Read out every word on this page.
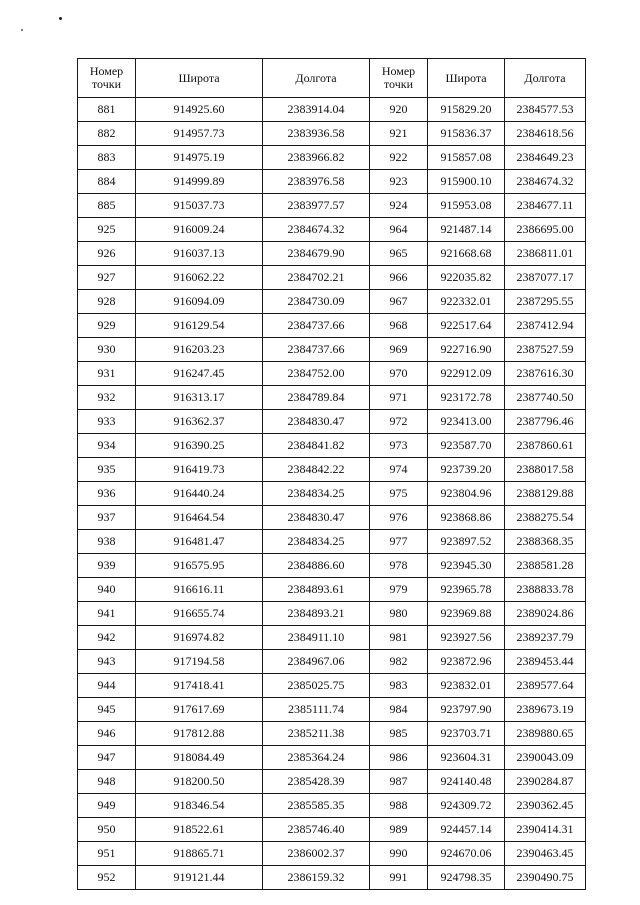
Номер
точки	Широта	Долгота	Номер
точки	Широта	Долгота
881	914925.60	2383914.04	920	915829.20	2384577.53
882	914957.73	2383936.58	921	915836.37	2384618.56
883	914975.19	2383966.82	922	915857.08	2384649.23
884	914999.89	2383976.58	923	915900.10	2384674.32
885	915037.73	2383977.57	924	915953.08	2384677.11
925	916009.24	2384674.32	964	921487.14	2386695.00
926	916037.13	2384679.90	965	921668.68	2386811.01
927	916062.22	2384702.21	966	922035.82	2387077.17
928	916094.09	2384730.09	967	922332.01	2387295.55
929	916129.54	2384737.66	968	922517.64	2387412.94
930	916203.23	2384737.66	969	922716.90	2387527.59
931	916247.45	2384752.00	970	922912.09	2387616.30
932	916313.17	2384789.84	971	923172.78	2387740.50
933	916362.37	2384830.47	972	923413.00	2387796.46
934	916390.25	2384841.82	973	923587.70	2387860.61
935	916419.73	2384842.22	974	923739.20	2388017.58
936	916440.24	2384834.25	975	923804.96	2388129.88
937	916464.54	2384830.47	976	923868.86	2388275.54
938	916481.47	2384834.25	977	923897.52	2388368.35
939	916575.95	2384886.60	978	923945.30	2388581.28
940	916616.11	2384893.61	979	923965.78	2388833.78
941	916655.74	2384893.21	980	923969.88	2389024.86
942	916974.82	2384911.10	981	923927.56	2389237.79
943	917194.58	2384967.06	982	923872.96	2389453.44
944	917418.41	2385025.75	983	923832.01	2389577.64
945	917617.69	2385111.74	984	923797.90	2389673.19
946	917812.88	2385211.38	985	923703.71	2389880.65
947	918084.49	2385364.24	986	923604.31	2390043.09
948	918200.50	2385428.39	987	924140.48	2390284.87
949	918346.54	2385585.35	988	924309.72	2390362.45
950	918522.61	2385746.40	989	924457.14	2390414.31
951	918865.71	2386002.37	990	924670.06	2390463.45
952	919121.44	2386159.32	991	924798.35	2390490.75
